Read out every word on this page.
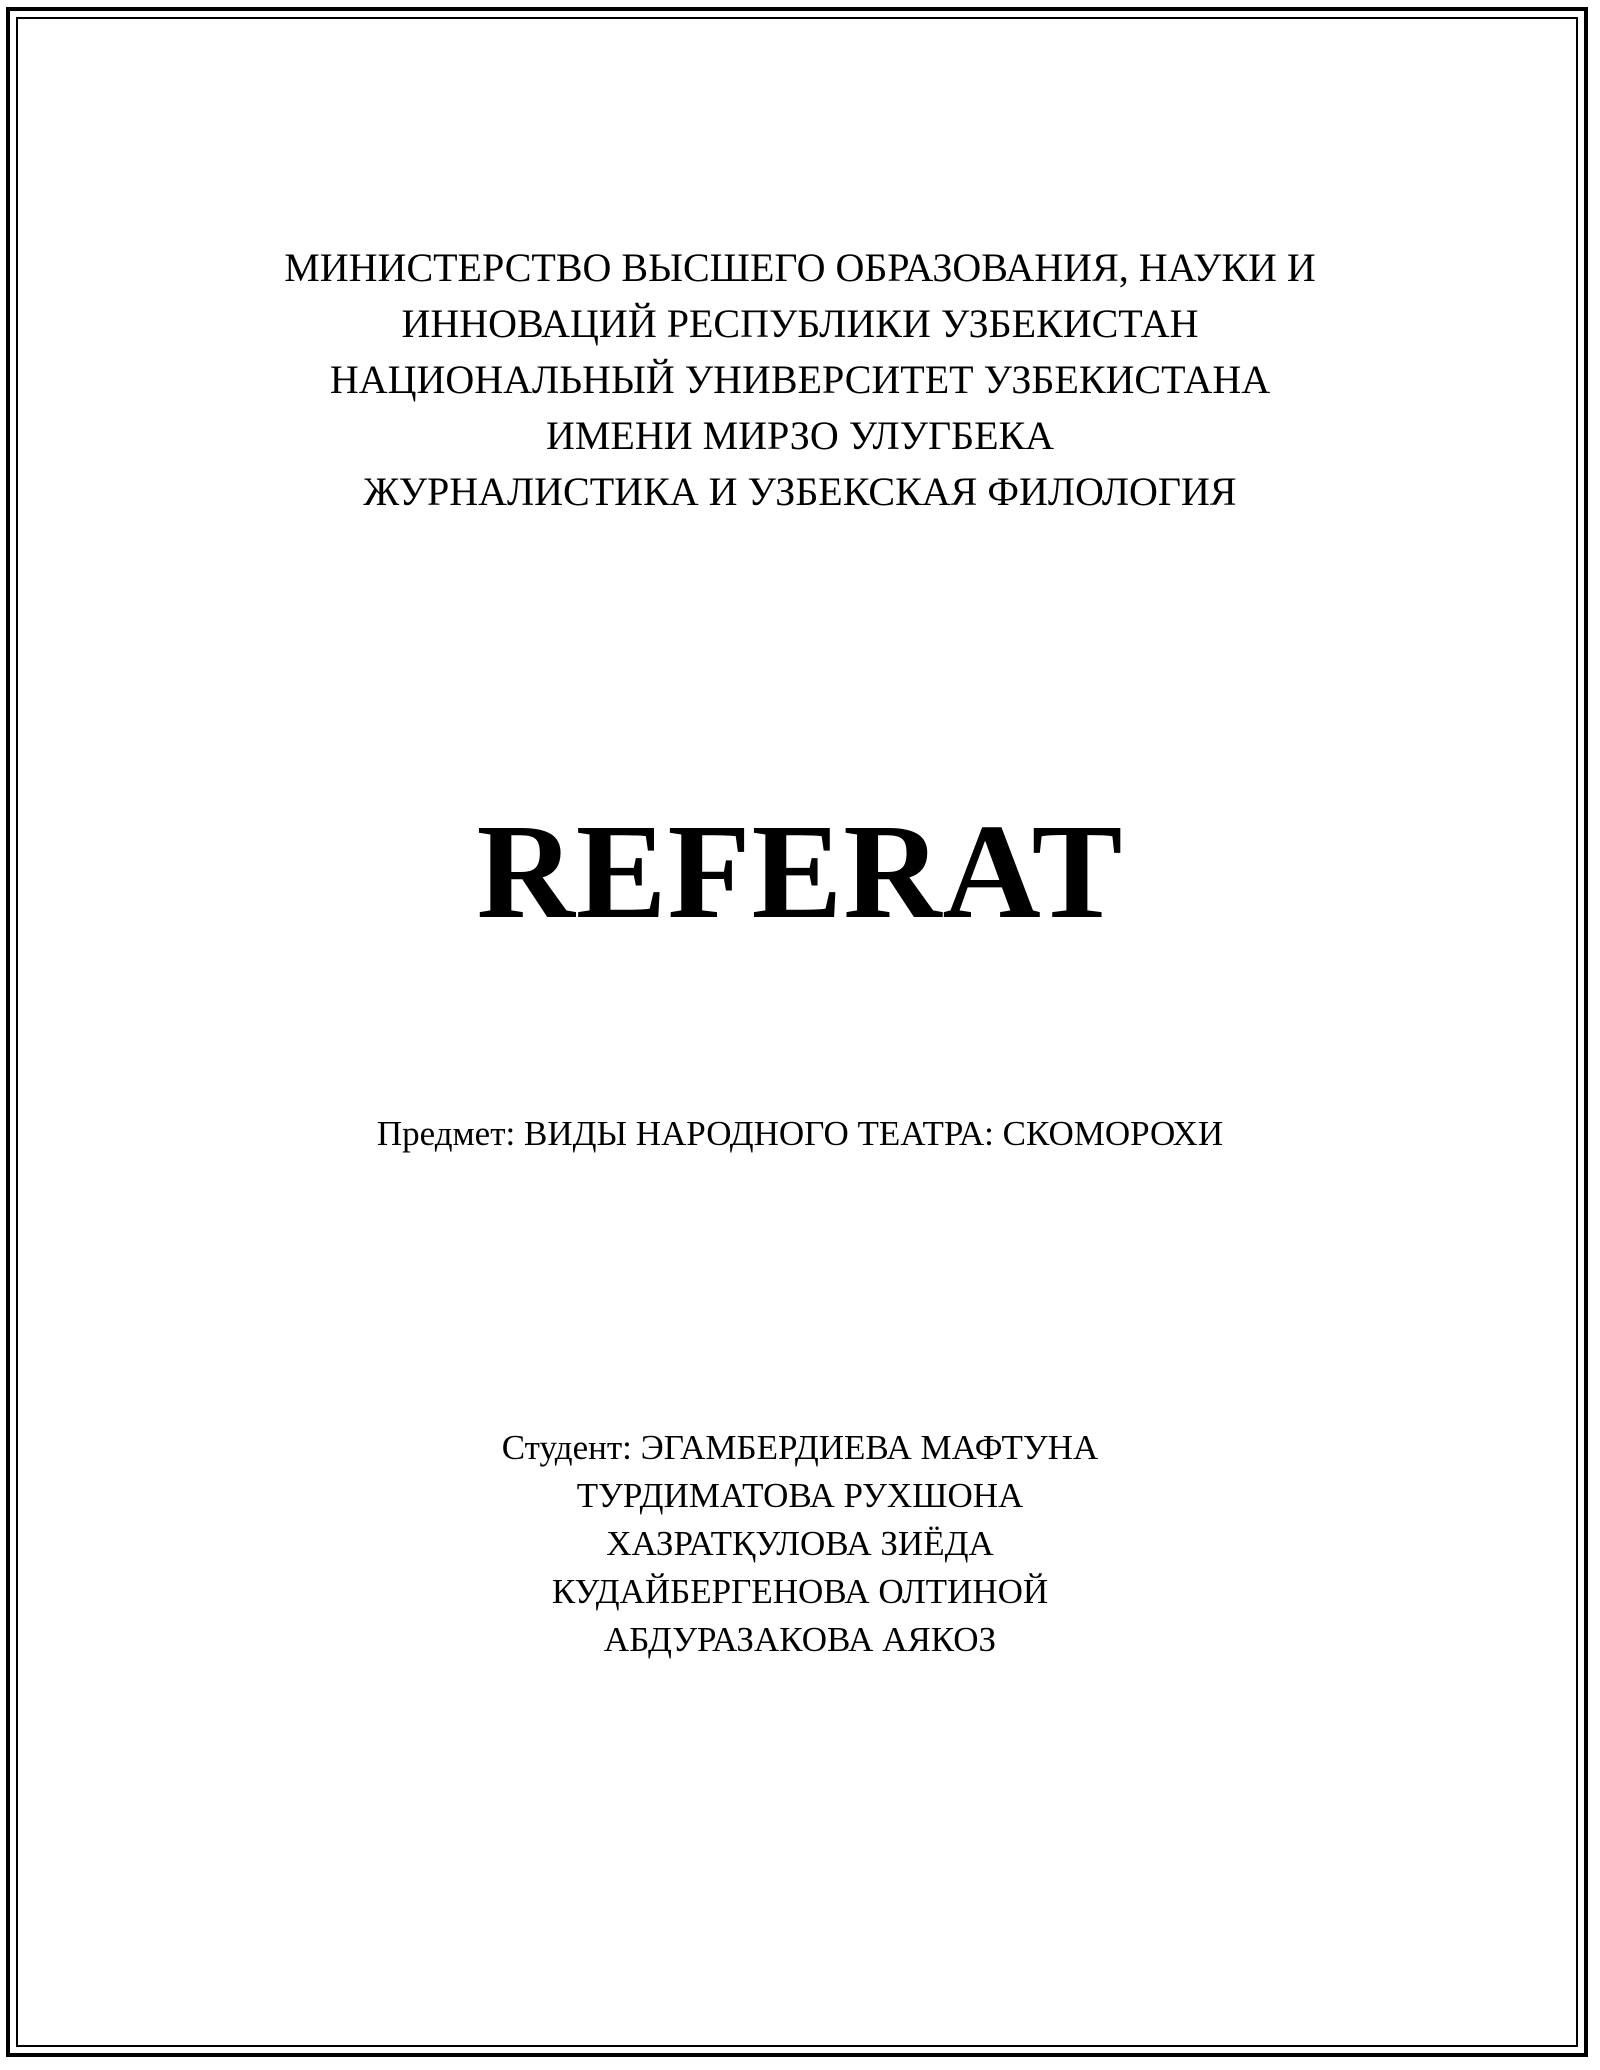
МИНИСТЕРСТВО ВЫСШЕГО ОБРАЗОВАНИЯ, НАУКИ И
ИННОВАЦИЙ РЕСПУБЛИКИ УЗБЕКИСТАН
НАЦИОНАЛЬНЫЙ УНИВЕРСИТЕТ УЗБЕКИСТАНА
ИМЕНИ МИРЗО УЛУГБЕКА
ЖУРНАЛИСТИКА И УЗБЕКСКАЯ ФИЛОЛОГИЯ
REFERAT
Предмет: ВИДЫ НАРОДНОГО ТЕАТРА: СКОМОРОХИ
Студент: ЭГАМБЕРДИЕВА МАФТУНА
ТУРДИМАТОВА РУХШОНА
ХАЗРАТҚУЛОВА ЗИЁДА
КУДАЙБЕРГЕНОВА ОЛТИНОЙ
АБДУРАЗАКОВА АЯКОЗ
